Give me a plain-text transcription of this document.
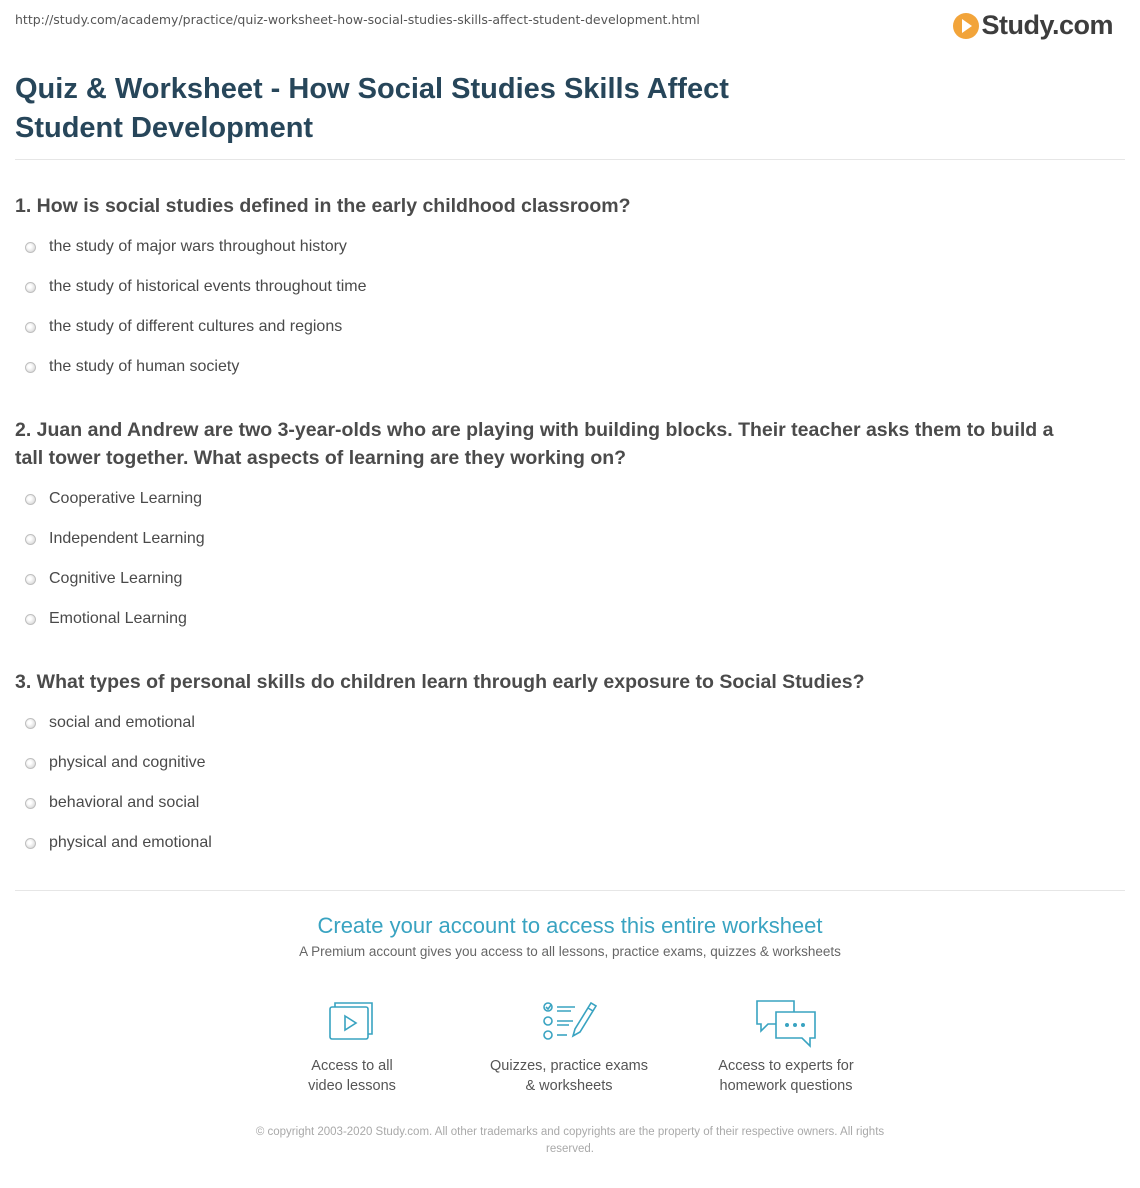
http://study.com/academy/practice/quiz-worksheet-how-social-studies-skills-affect-student-development.html	Study.com
Quiz & Worksheet - How Social Studies Skills Affect
Student Development
1. How is social studies defined in the early childhood classroom?
the study of major wars throughout history
the study of historical events throughout time
the study of different cultures and regions
the study of human society
2. Juan and Andrew are two 3-year-olds who are playing with building blocks. Their teacher asks them to build a
tall tower together. What aspects of learning are they working on?
Cooperative Learning
Independent Learning
Cognitive Learning
Emotional Learning
3. What types of personal skills do children learn through early exposure to Social Studies?
social and emotional
physical and cognitive
behavioral and social
physical and emotional
Create your account to access this entire worksheet
A Premium account gives you access to all lessons, practice exams, quizzes & worksheets
Access to all
video lessons
Quizzes, practice exams
& worksheets
Access to experts for
homework questions
© copyright 2003-2020 Study.com. All other trademarks and copyrights are the property of their respective owners. All rights
reserved.
